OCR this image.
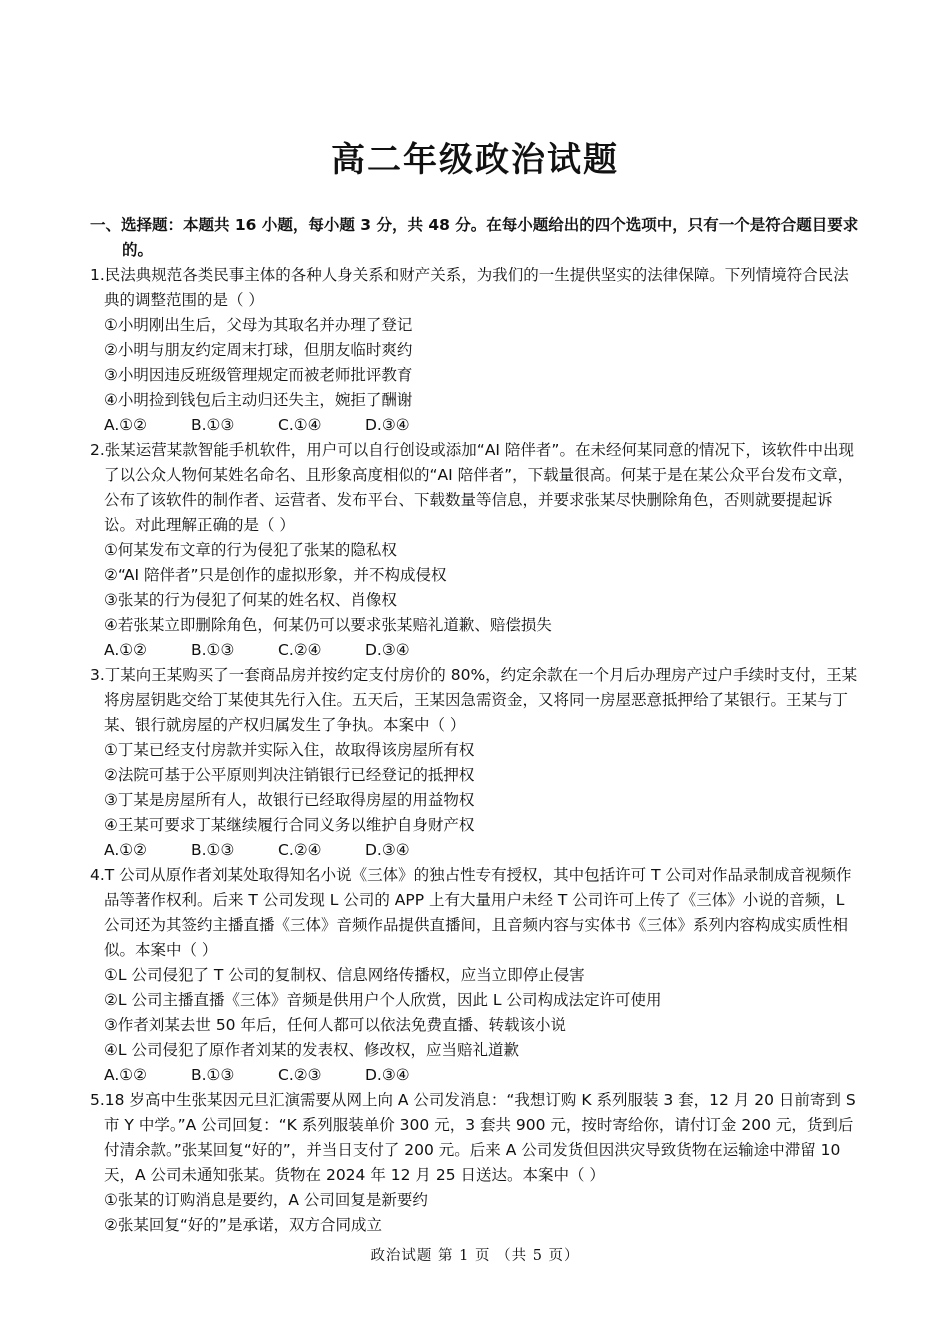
高二年级政治试题
一、选择题：本题共 16 小题，每小题 3 分，共 48 分。在每小题给出的四个选项中，只有一个是符合题目要求的。
1.民法典规范各类民事主体的各种人身关系和财产关系，为我们的一生提供坚实的法律保障。下列情境符合民法典的调整范围的是（ ）
①小明刚出生后，父母为其取名并办理了登记
②小明与朋友约定周末打球，但朋友临时爽约
③小明因违反班级管理规定而被老师批评教育
④小明捡到钱包后主动归还失主，婉拒了酬谢
A.①②	B.①③	C.①④	D.③④
2.张某运营某款智能手机软件，用户可以自行创设或添加“AI 陪伴者”。在未经何某同意的情况下，该软件中出现了以公众人物何某姓名命名、且形象高度相似的“AI 陪伴者”，下载量很高。何某于是在某公众平台发布文章，公布了该软件的制作者、运营者、发布平台、下载数量等信息，并要求张某尽快删除角色，否则就要提起诉讼。对此理解正确的是（ ）
①何某发布文章的行为侵犯了张某的隐私权
②“AI 陪伴者”只是创作的虚拟形象，并不构成侵权
③张某的行为侵犯了何某的姓名权、肖像权
④若张某立即删除角色，何某仍可以要求张某赔礼道歉、赔偿损失
A.①②	B.①③	C.②④	D.③④
3.丁某向王某购买了一套商品房并按约定支付房价的 80%，约定余款在一个月后办理房产过户手续时支付，王某将房屋钥匙交给丁某使其先行入住。五天后，王某因急需资金，又将同一房屋恶意抵押给了某银行。王某与丁某、银行就房屋的产权归属发生了争执。本案中（ ）
①丁某已经支付房款并实际入住，故取得该房屋所有权
②法院可基于公平原则判决注销银行已经登记的抵押权
③丁某是房屋所有人，故银行已经取得房屋的用益物权
④王某可要求丁某继续履行合同义务以维护自身财产权
A.①②	B.①③	C.②④	D.③④
4.T 公司从原作者刘某处取得知名小说《三体》的独占性专有授权，其中包括许可 T 公司对作品录制成音视频作品等著作权利。后来 T 公司发现 L 公司的 APP 上有大量用户未经 T 公司许可上传了《三体》小说的音频，L 公司还为其签约主播直播《三体》音频作品提供直播间，且音频内容与实体书《三体》系列内容构成实质性相似。本案中（ ）
①L 公司侵犯了 T 公司的复制权、信息网络传播权，应当立即停止侵害
②L 公司主播直播《三体》音频是供用户个人欣赏，因此 L 公司构成法定许可使用
③作者刘某去世 50 年后，任何人都可以依法免费直播、转载该小说
④L 公司侵犯了原作者刘某的发表权、修改权，应当赔礼道歉
A.①②	B.①③	C.②③	D.③④
5.18 岁高中生张某因元旦汇演需要从网上向 A 公司发消息：“我想订购 K 系列服装 3 套，12 月 20 日前寄到 S 市 Y 中学。”A 公司回复：“K 系列服装单价 300 元，3 套共 900 元，按时寄给你，请付订金 200 元，货到后付清余款。”张某回复“好的”，并当日支付了 200 元。后来 A 公司发货但因洪灾导致货物在运输途中滞留 10 天，A 公司未通知张某。货物在 2024 年 12 月 25 日送达。本案中（ ）
①张某的订购消息是要约，A 公司回复是新要约
②张某回复“好的”是承诺，双方合同成立
政治试题 第 1 页 （共 5 页）
